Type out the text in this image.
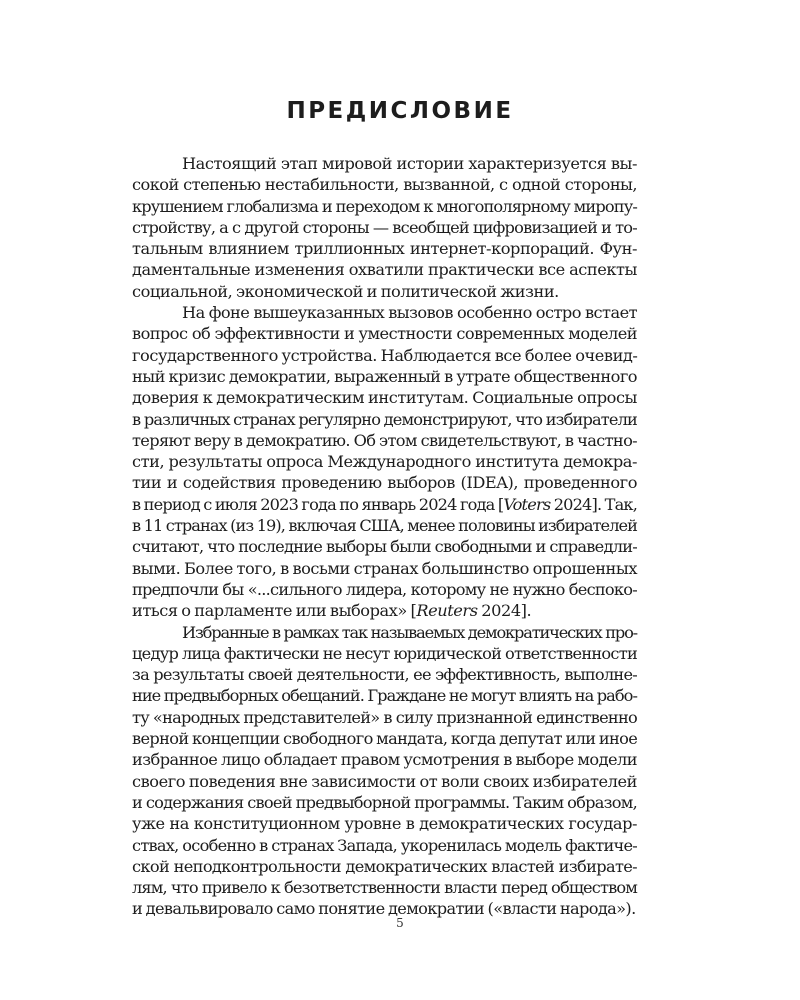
ПРЕДИСЛОВИЕ
Настоящий этап мировой истории характеризуется вы-
сокой степенью нестабильности, вызванной, с одной стороны,
крушением глобализма и переходом к многополярному миропу-
стройству, а с другой стороны — всеобщей цифровизацией и то-
тальным влиянием триллионных интернет-корпораций. Фун-
даментальные изменения охватили практически все аспекты
социальной, экономической и политической жизни.
На фоне вышеуказанных вызовов особенно остро встает
вопрос об эффективности и уместности современных моделей
государственного устройства. Наблюдается все более очевид-
ный кризис демократии, выраженный в утрате общественного
доверия к демократическим институтам. Социальные опросы
в различных странах регулярно демонстрируют, что избиратели
теряют веру в демократию. Об этом свидетельствуют, в частно-
сти, результаты опроса Международного института демокра-
тии и содействия проведению выборов (IDEA), проведенного
в период с июля 2023 года по январь 2024 года [Voters 2024]. Так,
в 11 странах (из 19), включая США, менее половины избирателей
считают, что последние выборы были свободными и справедли-
выми. Более того, в восьми странах большинство опрошенных
предпочли бы «...сильного лидера, которому не нужно беспоко-
иться о парламенте или выборах» [Reuters 2024].
Избранные в рамках так называемых демократических про-
цедур лица фактически не несут юридической ответственности
за результаты своей деятельности, ее эффективность, выполне-
ние предвыборных обещаний. Граждане не могут влиять на рабо-
ту «народных представителей» в силу признанной единственно
верной концепции свободного мандата, когда депутат или иное
избранное лицо обладает правом усмотрения в выборе модели
своего поведения вне зависимости от воли своих избирателей
и содержания своей предвыборной программы. Таким образом,
уже на конституционном уровне в демократических государ-
ствах, особенно в странах Запада, укоренилась модель фактиче-
ской неподконтрольности демократических властей избирате-
лям, что привело к безответственности власти перед обществом
и девальвировало само понятие демократии («власти народа»).
5
